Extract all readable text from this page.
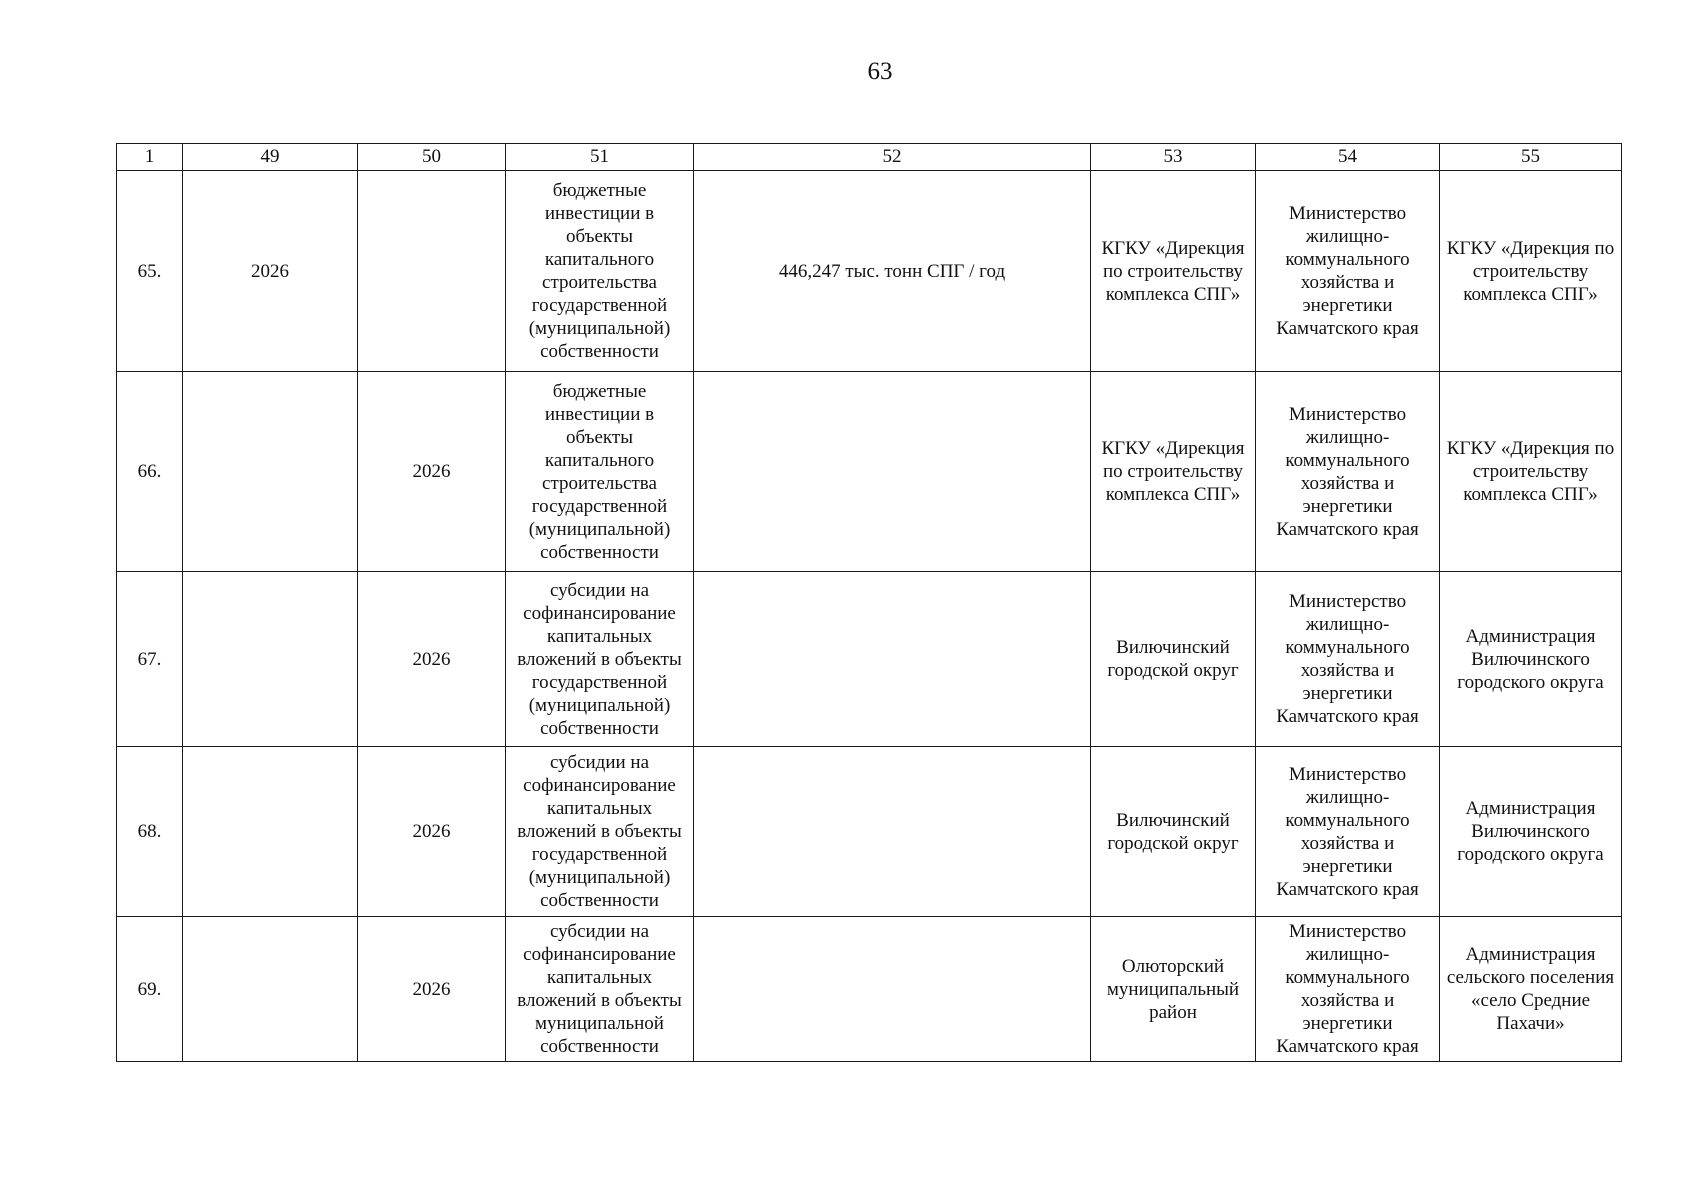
63
1	49	50	51	52	53	54	55
65.	2026		бюджетные инвестиции в объекты капитального строительства государственной (муниципальной) собственности	446,247 тыс. тонн СПГ / год	КГКУ «Дирекция по строительству комплекса СПГ»	Министерство жилищно-коммунального хозяйства и энергетики Камчатского края	КГКУ «Дирекция по строительству комплекса СПГ»
66.		2026	бюджетные инвестиции в объекты капитального строительства государственной (муниципальной) собственности		КГКУ «Дирекция по строительству комплекса СПГ»	Министерство жилищно-коммунального хозяйства и энергетики Камчатского края	КГКУ «Дирекция по строительству комплекса СПГ»
67.		2026	субсидии на софинансирование капитальных вложений в объекты государственной (муниципальной) собственности		Вилючинский городской округ	Министерство жилищно-коммунального хозяйства и энергетики Камчатского края	Администрация Вилючинского городского округа
68.		2026	субсидии на софинансирование капитальных вложений в объекты государственной (муниципальной) собственности		Вилючинский городской округ	Министерство жилищно-коммунального хозяйства и энергетики Камчатского края	Администрация Вилючинского городского округа
69.		2026	субсидии на софинансирование капитальных вложений в объекты муниципальной собственности		Олюторский муниципальный район	Министерство жилищно-коммунального хозяйства и энергетики Камчатского края	Администрация сельского поселения «село Средние Пахачи»
